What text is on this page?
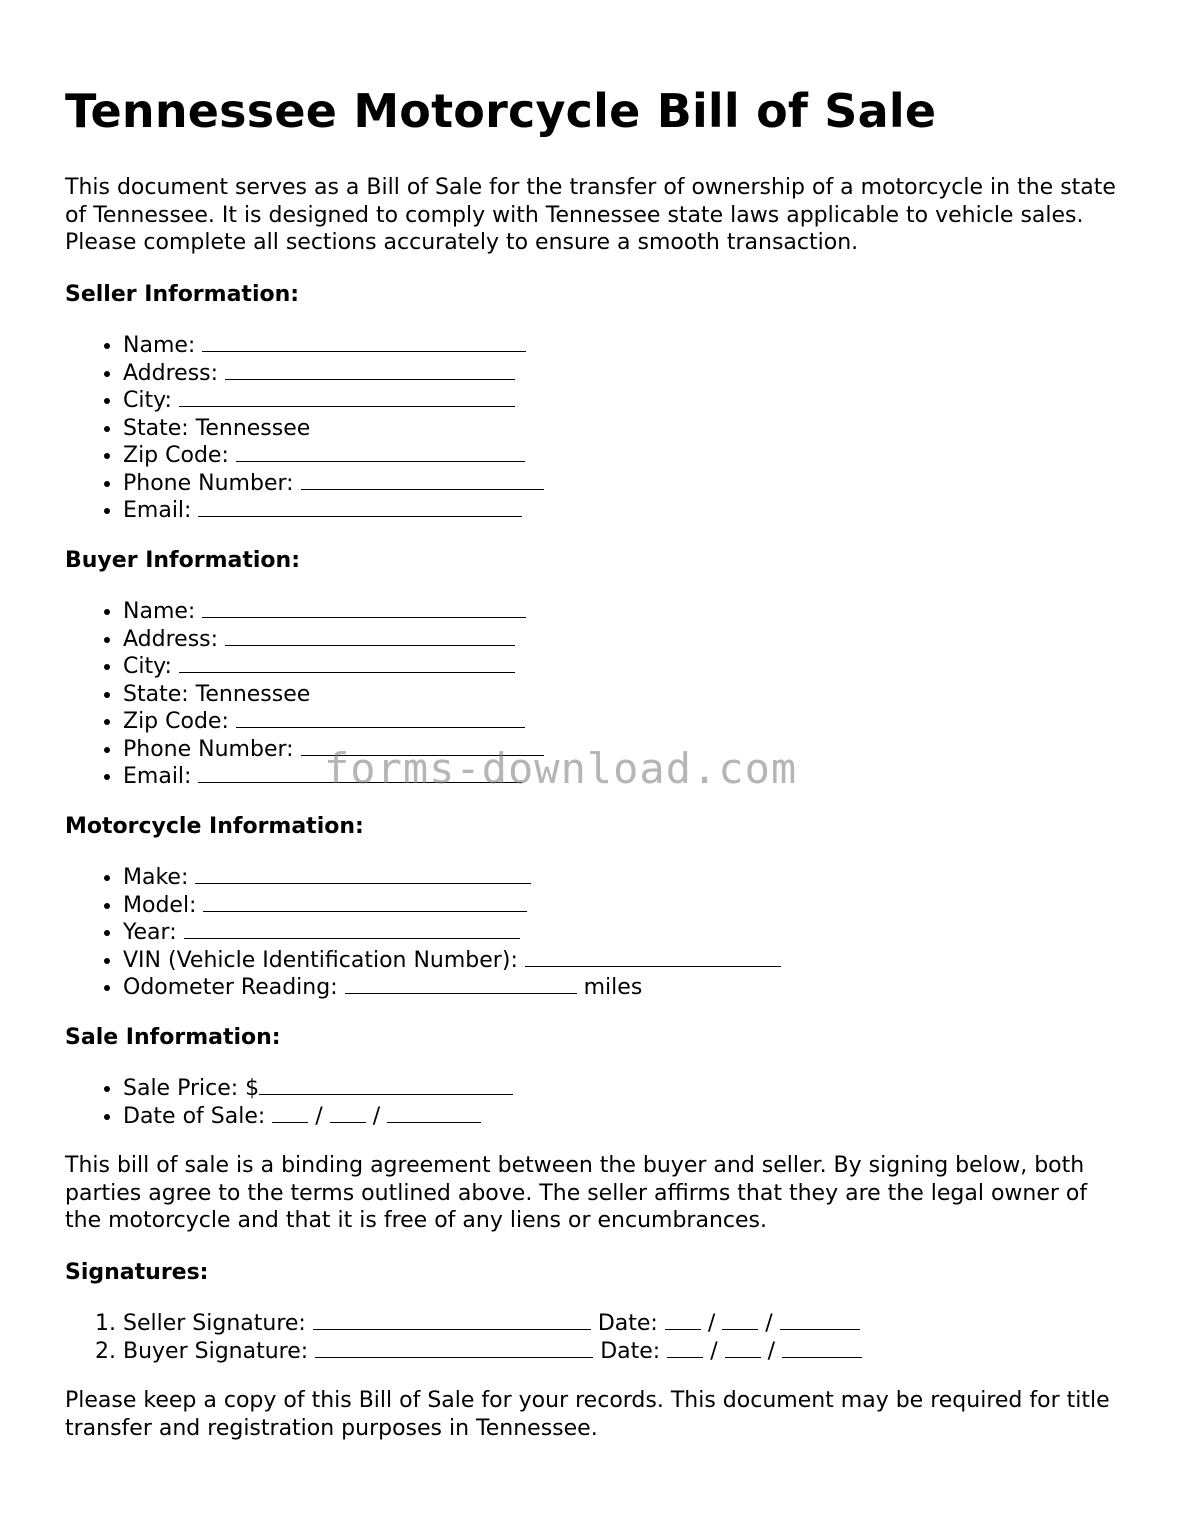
Tennessee Motorcycle Bill of Sale

This document serves as a Bill of Sale for the transfer of ownership of a motorcycle in the state of Tennessee. It is designed to comply with Tennessee state laws applicable to vehicle sales. Please complete all sections accurately to ensure a smooth transaction.

Seller Information:
• Name:
• Address:
• City:
• State: Tennessee
• Zip Code:
• Phone Number:
• Email:
Buyer Information:
• Name:
• Address:
• City:
• State: Tennessee
• Zip Code:
• Phone Number:
• Email:
Motorcycle Information:
• Make:
• Model:
• Year:
• VIN (Vehicle Identification Number):
• Odometer Reading:	miles
Sale Information:
• Sale Price: $
• Date of Sale: / /

This bill of sale is a binding agreement between the buyer and seller. By signing below, both parties agree to the terms outlined above. The seller affirms that they are the legal owner of the motorcycle and that it is free of any liens or encumbrances.

Signatures:
1. Seller Signature:	Date: / /
2. Buyer Signature:	Date: / /

Please keep a copy of this Bill of Sale for your records. This document may be required for title transfer and registration purposes in Tennessee.

forms-download.com
